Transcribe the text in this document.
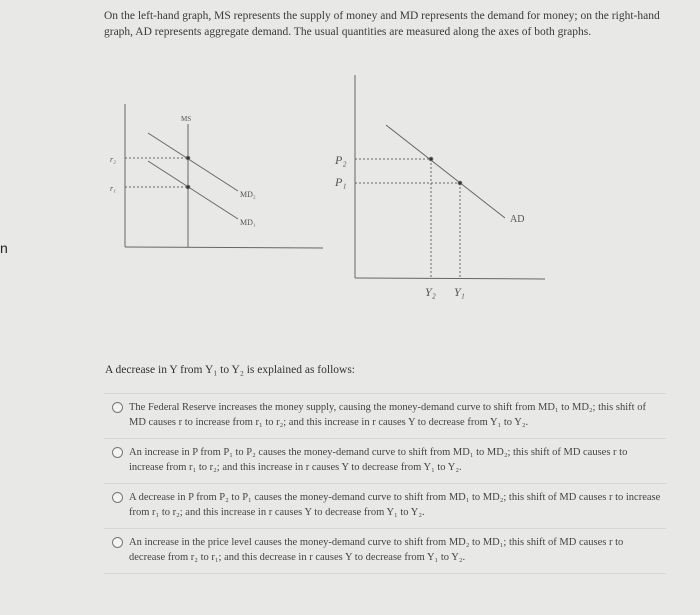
n
On the left-hand graph, MS represents the supply of money and MD represents the demand for money; on the right-hand graph, AD represents aggregate demand. The usual quantities are measured along the axes of both graphs.
MS
r₂
r₁
MD₂
MD₁
P₂
P₁
AD
Y₂ Y₁
A decrease in Y from Y₁ to Y₂ is explained as follows:
The Federal Reserve increases the money supply, causing the money-demand curve to shift from MD₁ to MD₂; this shift of MD causes r to increase from r₁ to r₂; and this increase in r causes Y to decrease from Y₁ to Y₂.
An increase in P from P₁ to P₂ causes the money-demand curve to shift from MD₁ to MD₂; this shift of MD causes r to increase from r₁ to r₂; and this increase in r causes Y to decrease from Y₁ to Y₂.
A decrease in P from P₂ to P₁ causes the money-demand curve to shift from MD₁ to MD₂; this shift of MD causes r to increase from r₁ to r₂; and this increase in r causes Y to decrease from Y₁ to Y₂.
An increase in the price level causes the money-demand curve to shift from MD₂ to MD₁; this shift of MD causes r to decrease from r₂ to r₁; and this decrease in r causes Y to decrease from Y₁ to Y₂.
